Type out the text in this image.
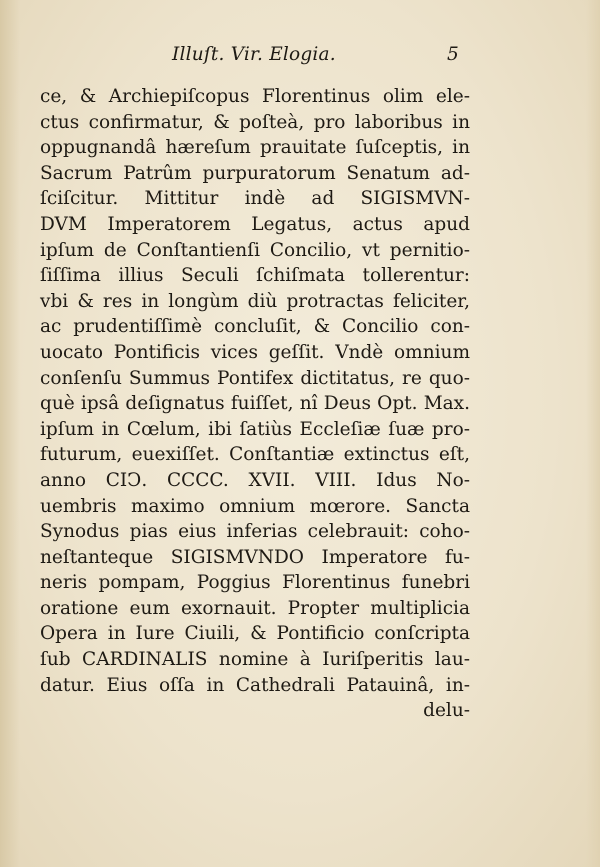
Illuſt. Vir. Elogia.	5
ce, & Archiepiſcopus Florentinus olim ele-
ctus confirmatur, & poſteà, pro laboribus in
oppugnandâ hæreſum prauitate ſuſceptis, in
Sacrum Patrûm purpuratorum Senatum ad-
ſciſcitur. Mittitur indè ad SIGISMVN-
DVM Imperatorem Legatus, actus apud
ipſum de Conſtantienſi Concilio, vt pernitio-
ſiſſima illius Seculi ſchiſmata tollerentur:
vbi & res in longùm diù protractas feliciter,
ac prudentiſſimè concluſit, & Concilio con-
uocato Pontificis vices geſſit. Vndè omnium
conſenſu Summus Pontifex dictitatus, re quo-
què ipsâ deſignatus fuiſſet, nî Deus Opt. Max.
ipſum in Cœlum, ibi ſatiùs Eccleſiæ ſuæ pro-
futurum, euexiſſet. Conſtantiæ extinctus eſt,
anno CIↃ. CCCC. XVII. VIII. Idus No-
uembris maximo omnium mœrore. Sancta
Synodus pias eius inferias celebrauit: coho-
neſtanteque SIGISMVNDO Imperatore fu-
neris pompam, Poggius Florentinus funebri
oratione eum exornauit. Propter multiplicia
Opera in Iure Ciuili, & Pontificio conſcripta
ſub CARDINALIS nomine à Iuriſperitis lau-
datur. Eius oſſa in Cathedrali Patauinâ, in-
delu-
